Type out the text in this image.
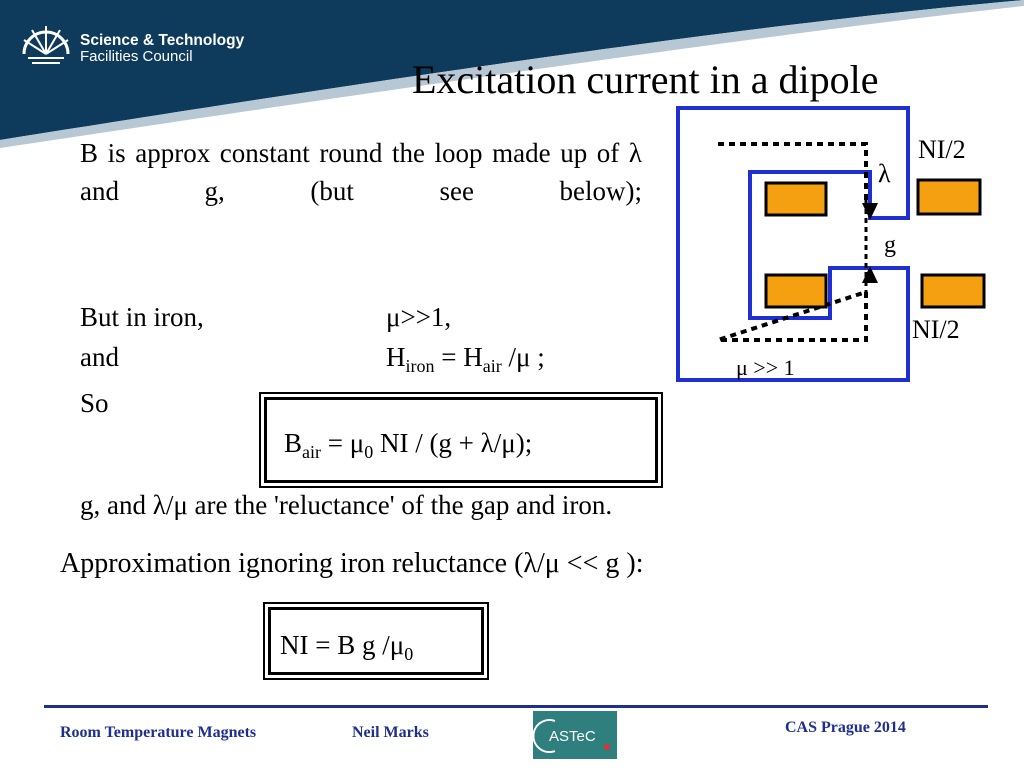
Science & Technology
Facilities Council
Excitation current in a dipole
B is approx constant round the loop made up of λ and g, (but see below);
But in iron,	μ>>1,
and	$H_{iron} = H_{air}$ /μ ;
So
$B_{air} = \mu_0$ NI / (g + λ/μ);
g, and λ/μ are the 'reluctance' of the gap and iron.
Approximation ignoring iron reluctance (λ/μ << g ):
NI = B g $/\mu_0$
NI/2
NI/2
λ
g
μ >> 1
Room Temperature Magnets	Neil Marks	ASTeC
CAS Prague 2014
